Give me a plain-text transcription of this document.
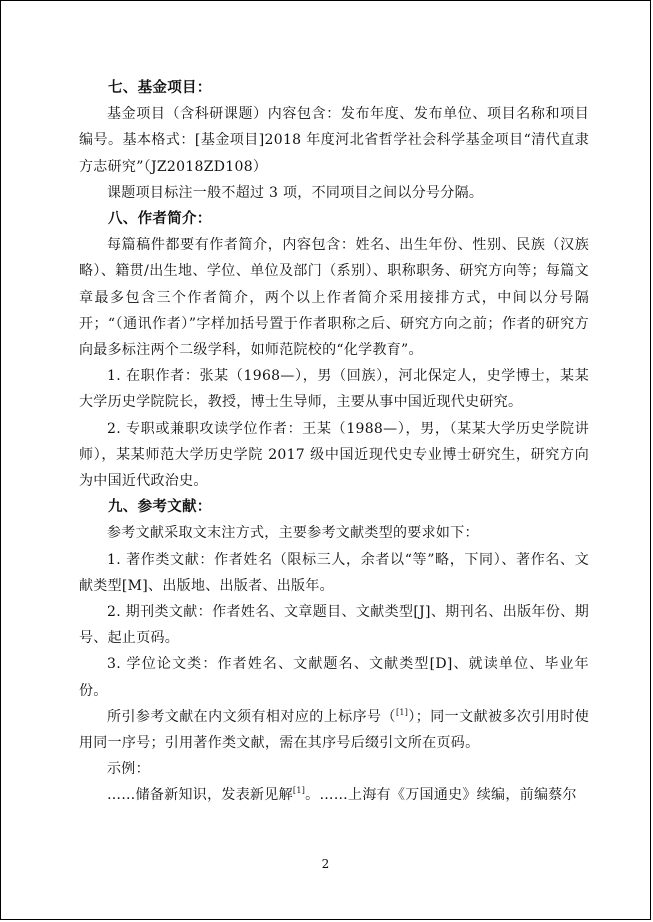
七、基金项目：

基金项目（含科研课题）内容包含：发布年度、发布单位、项目名称和项目编号。基本格式：[基金项目]2018 年度河北省哲学社会科学基金项目“清代直隶方志研究”（JZ2018ZD108）

课题项目标注一般不超过 3 项，不同项目之间以分号分隔。

八、作者简介：

每篇稿件都要有作者简介，内容包含：姓名、出生年份、性别、民族（汉族略）、籍贯/出生地、学位、单位及部门（系别）、职称职务、研究方向等；每篇文章最多包含三个作者简介，两个以上作者简介采用接排方式，中间以分号隔开；“（通讯作者）”字样加括号置于作者职称之后、研究方向之前；作者的研究方向最多标注两个二级学科，如师范院校的“化学教育”。

1. 在职作者：张某（1968—），男（回族），河北保定人，史学博士，某某大学历史学院院长，教授，博士生导师，主要从事中国近现代史研究。

2. 专职或兼职攻读学位作者：王某（1988—），男，（某某大学历史学院讲师），某某师范大学历史学院 2017 级中国近现代史专业博士研究生，研究方向为中国近代政治史。

九、参考文献：

参考文献采取文末注方式，主要参考文献类型的要求如下：

1. 著作类文献：作者姓名（限标三人，余者以“等”略，下同）、著作名、文献类型[M]、出版地、出版者、出版年。

2. 期刊类文献：作者姓名、文章题目、文献类型[J]、期刊名、出版年份、期号、起止页码。

3. 学位论文类：作者姓名、文献题名、文献类型[D]、就读单位、毕业年份。

所引参考文献在内文须有相对应的上标序号（[1]）；同一文献被多次引用时使用同一序号；引用著作类文献，需在其序号后缀引文所在页码。

示例：

……储备新知识，发表新见解[1]。……上海有《万国通史》续编，前编蔡尔

2
